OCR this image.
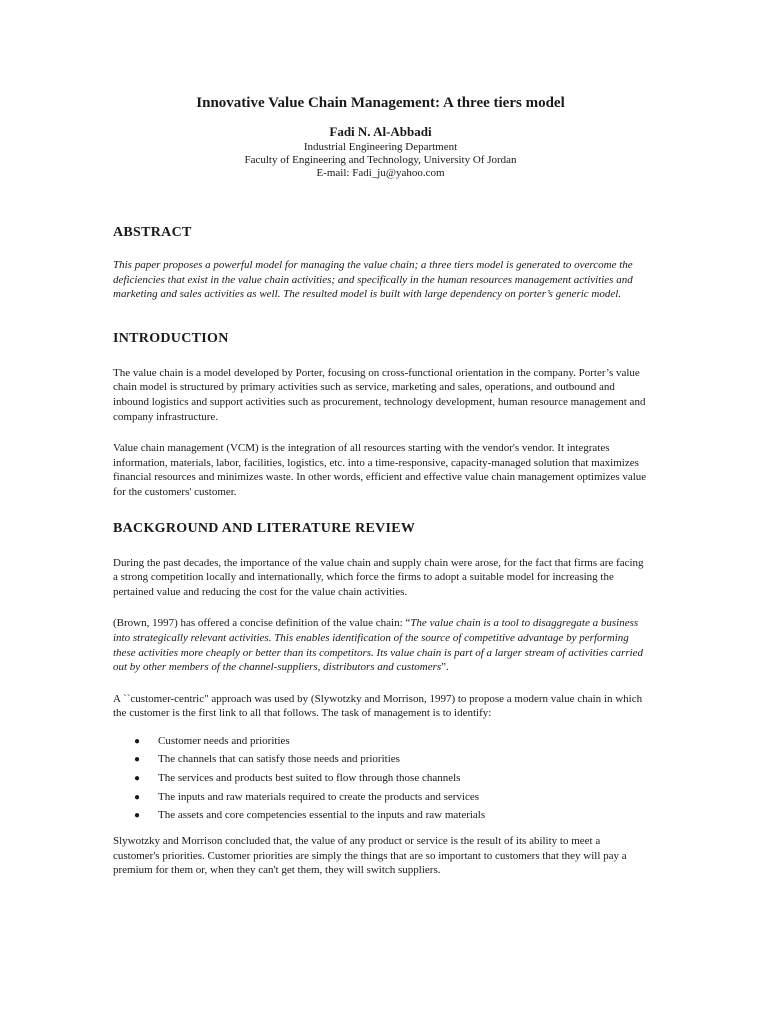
Innovative Value Chain Management: A three tiers model
Fadi N. Al-Abbadi
Industrial Engineering Department
Faculty of Engineering and Technology, University Of Jordan
E-mail: Fadi_ju@yahoo.com
ABSTRACT

This paper proposes a powerful model for managing the value chain; a three tiers model is generated to overcome the deficiencies that exist in the value chain activities; and specifically in the human resources management activities and marketing and sales activities as well. The resulted model is built with large dependency on porter’s generic model.

INTRODUCTION

The value chain is a model developed by Porter, focusing on cross-functional orientation in the company. Porter’s value chain model is structured by primary activities such as service, marketing and sales, operations, and outbound and inbound logistics and support activities such as procurement, technology development, human resource management and company infrastructure.

Value chain management (VCM) is the integration of all resources starting with the vendor's vendor. It integrates information, materials, labor, facilities, logistics, etc. into a time-responsive, capacity-managed solution that maximizes financial resources and minimizes waste. In other words, efficient and effective value chain management optimizes value for the customers' customer.

BACKGROUND AND LITERATURE REVIEW

During the past decades, the importance of the value chain and supply chain were arose, for the fact that firms are facing a strong competition locally and internationally, which force the firms to adopt a suitable model for increasing the pertained value and reducing the cost for the value chain activities.

(Brown, 1997) has offered a concise definition of the value chain: “The value chain is a tool to disaggregate a business into strategically relevant activities. This enables identification of the source of competitive advantage by performing these activities more cheaply or better than its competitors. Its value chain is part of a larger stream of activities carried out by other members of the channel-suppliers, distributors and customers”.

A ``customer-centric" approach was used by (Slywotzky and Morrison, 1997) to propose a modern value chain in which the customer is the first link to all that follows. The task of management is to identify:

● Customer needs and priorities
● The channels that can satisfy those needs and priorities
● The services and products best suited to flow through those channels
● The inputs and raw materials required to create the products and services
● The assets and core competencies essential to the inputs and raw materials

Slywotzky and Morrison concluded that, the value of any product or service is the result of its ability to meet a customer's priorities. Customer priorities are simply the things that are so important to customers that they will pay a premium for them or, when they can't get them, they will switch suppliers.
